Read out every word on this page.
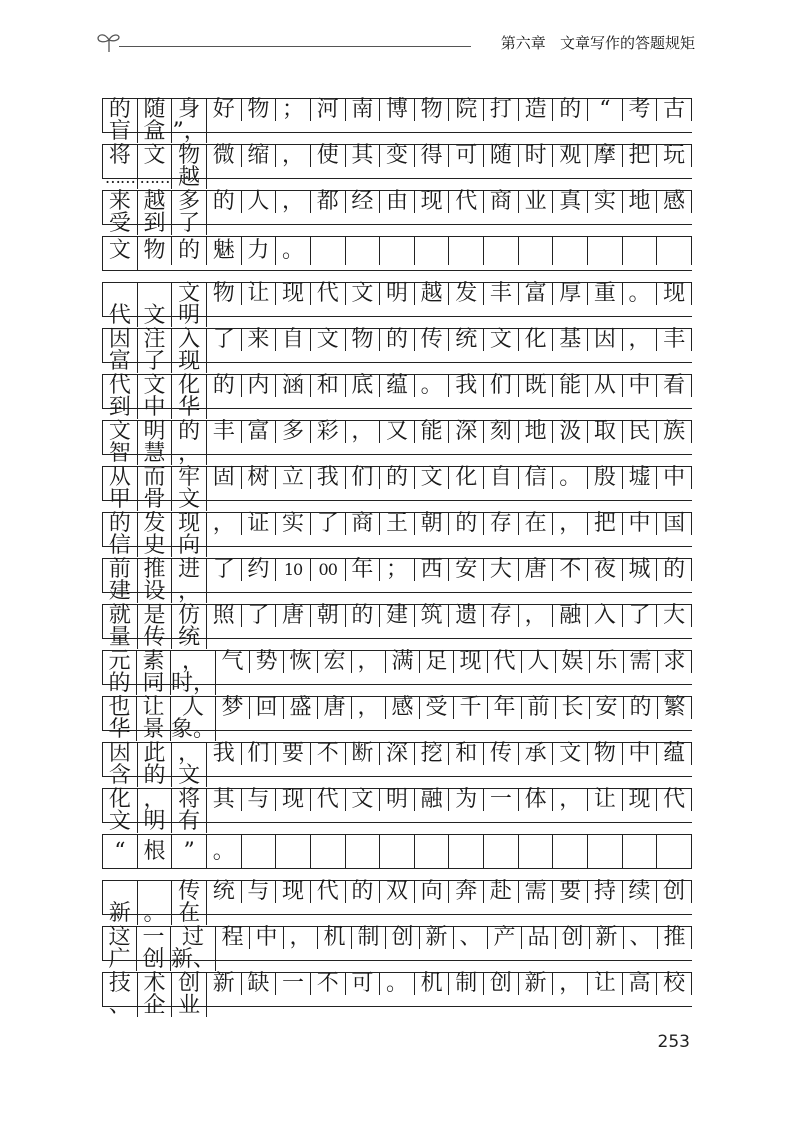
第六章   文章写作的答题规矩
的 随 身 好 物 ； 河 南 博 物 院 打 造 的 “ 考 古
盲 盒 ”，
将 文 物 微 缩 ， 使 其 变 得 可 随 时 观 摩 把 玩
…… …… 越
来 越 多 的 人 ， 都 经 由 现 代 商 业 真 实 地 感
受 到 了
文 物 的 魅 力 。
文 物 让 现 代 文 明 越 发 丰 富 厚 重 。 现
代 文 明
因 注 入 了 来 自 文 物 的 传 统 文 化 基 因 ， 丰
富 了 现
代 文 化 的 内 涵 和 底 蕴 。 我 们 既 能 从 中 看
到 中 华
文 明 的 丰 富 多 彩 ， 又 能 深 刻 地 汲 取 民 族
智 慧 ，
从 而 牢 固 树 立 我 们 的 文 化 自 信 。 殷 墟 中
甲 骨 文
的 发 现 ， 证 实 了 商 王 朝 的 存 在 ， 把 中 国
信 史 向
前 推 进 了 约 10	00 年 ； 西 安 大 唐 不 夜 城 的
建 设 ，
就 是 仿 照 了 唐 朝 的 建 筑 遗 存 ， 融 入 了 大
量 传 统
元 素 ， 气 势 恢 宏 ， 满 足 现 代 人 娱 乐 需 求
的 同 时，
也 让 人 梦 回 盛 唐 ， 感 受 千 年 前 长 安 的 繁
华 景 象。
因 此 ， 我 们 要 不 断 深 挖 和 传 承 文 物 中 蕴
含 的 文
化 ， 将 其 与 现 代 文 明 融 为 一 体 ， 让 现 代
文 明 有
“ 根 ” 。
传 统 与 现 代 的 双 向 奔 赴 需 要 持 续 创
新 。 在
这 一 过 程 中 ， 机 制 创 新 、 产 品 创 新 、 推
广 创 新、
技 术 创 新 缺 一 不 可 。 机 制 创 新 ， 让 高 校
、 企 业
253
